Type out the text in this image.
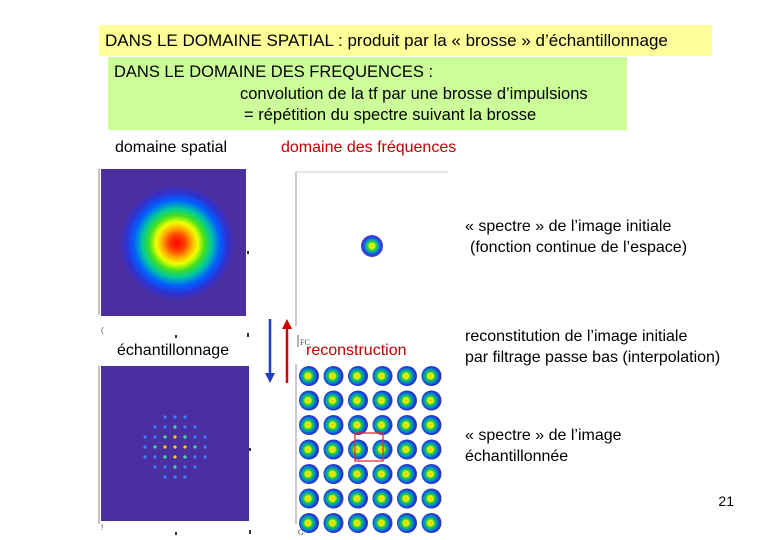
DANS LE DOMAINE SPATIAL : produit par la « brosse » d’échantillonnage
DANS LE DOMAINE DES FREQUENCES :
convolution de la tf par une brosse d’impulsions
= répétition du spectre suivant la brosse
domaine spatial	domaine des fréquences
(
!
G
FC
échantillonnage	reconstruction
« spectre » de l’image initiale
(fonction continue de l’espace)
reconstitution de l’image initiale
par filtrage passe bas (interpolation)
« spectre » de l’image
échantillonnée
21
